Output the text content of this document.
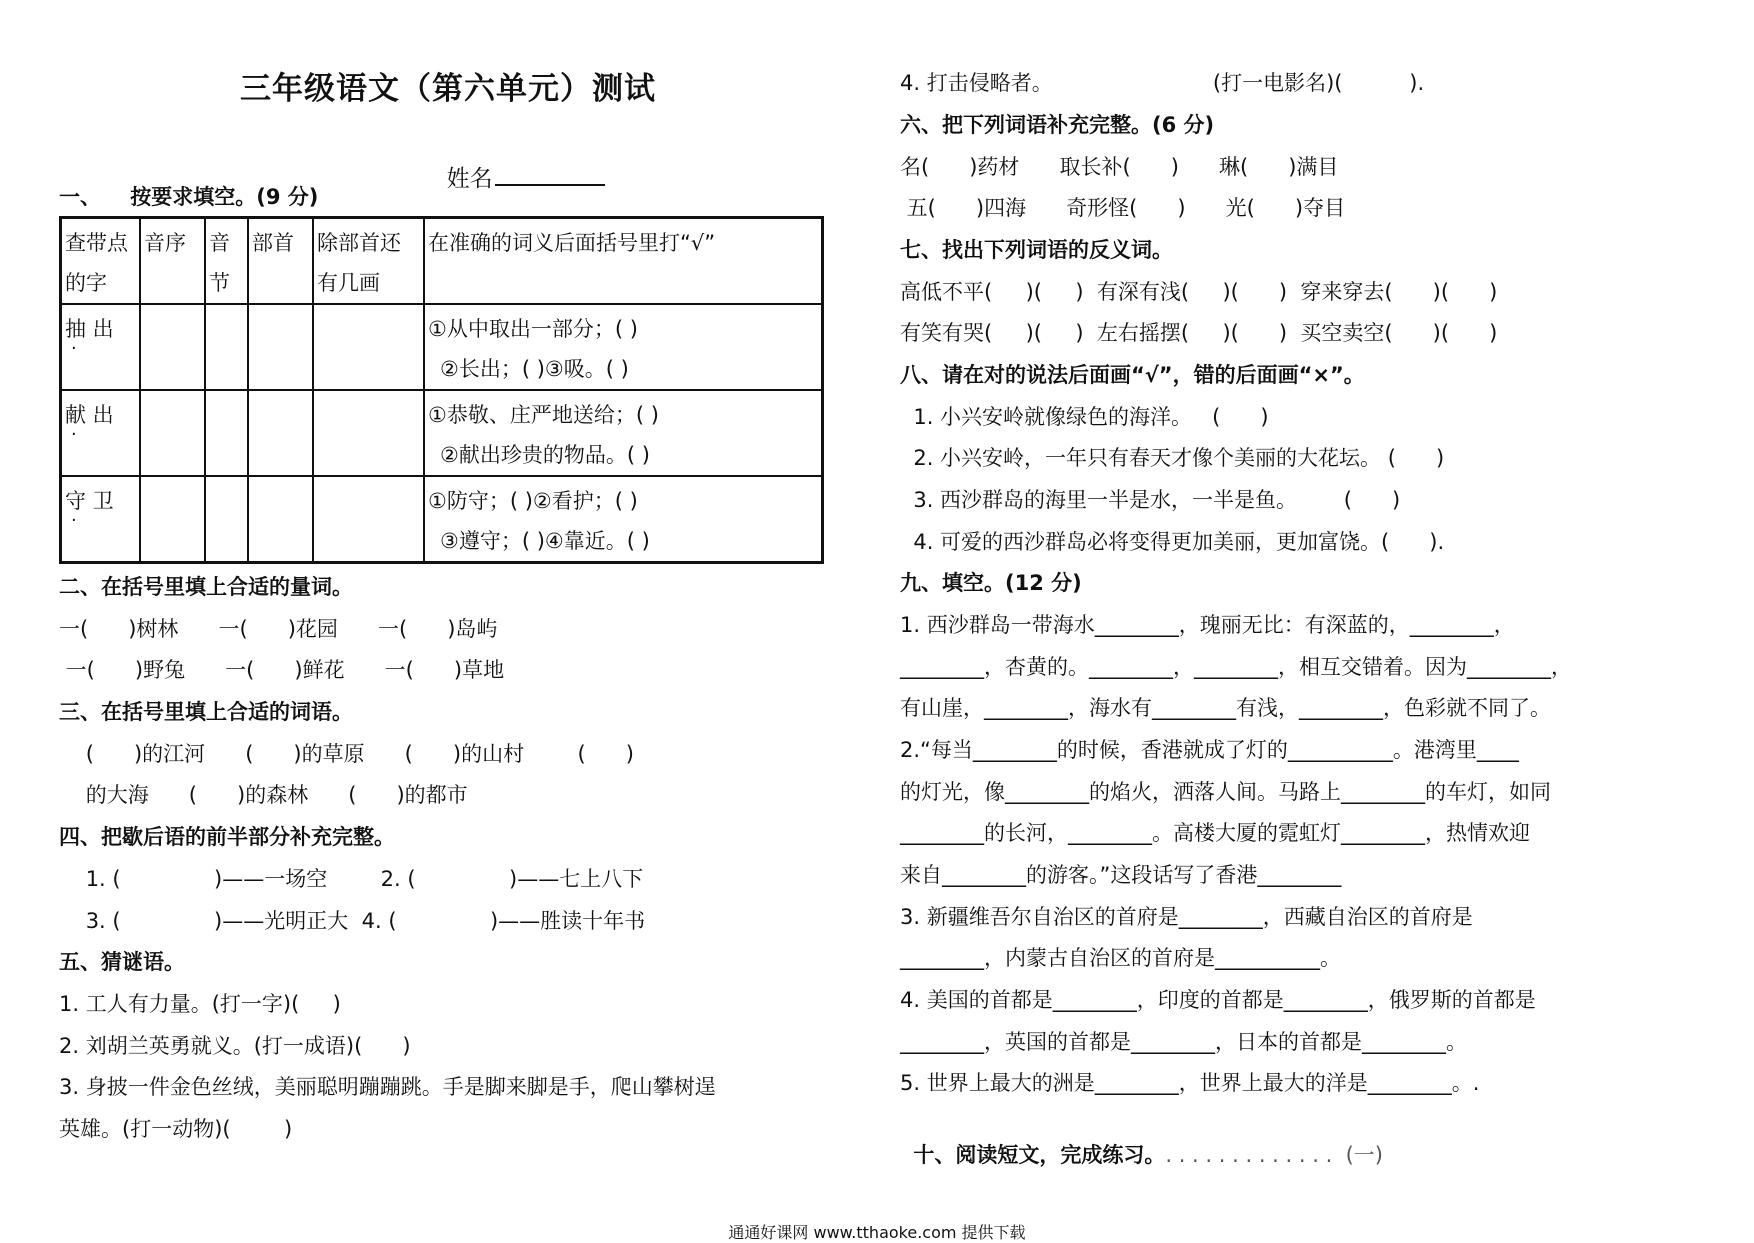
三年级语文（第六单元）测试

姓名

一、    按要求填空。(9 分)
查带点的字	音序	音节	部首	除部首还有几画	在准确的词义后面括号里打“√”
抽 出 ·					①从中取出一部分；( )
②长出；( )③吸。( )

献 出 ·					①恭敬、庄严地送给；( )
②献出珍贵的物品。( )

守 卫 ·					①防守；( )②看护；( )
③遵守；( )④靠近。( )
二、在括号里填上合适的量词。
一(      )树林      一(      )花园      一(      )岛屿
一(      )野兔      一(      )鲜花      一(      )草地
三、在括号里填上合适的词语。
(      )的江河      (      )的草原      (      )的山村        (      )
的大海      (      )的森林      (      )的都市
四、把歇后语的前半部分补充完整。
1. (              )——一场空        2. (              )——七上八下
3. (              )——光明正大  4. (              )——胜读十年书
五、猜谜语。
1. 工人有力量。(打一字)(     )
2. 刘胡兰英勇就义。(打一成语)(      )
3. 身披一件金色丝绒，美丽聪明蹦蹦跳。手是脚来脚是手，爬山攀树逞
英雄。(打一动物)(        )
4. 打击侵略者。                        (打一电影名)(          ).
六、把下列词语补充完整。(6 分)
名(      )药材      取长补(      )      琳(      )满目
五(      )四海      奇形怪(      )      光(      )夺目
七、找出下列词语的反义词。
高低不平(     )(     )  有深有浅(     )(      )  穿来穿去(      )(      )
有笑有哭(     )(     )  左右摇摆(     )(      )  买空卖空(      )(      )
八、请在对的说法后面画“√”，错的后面画“×”。
1. 小兴安岭就像绿色的海洋。   (      )
2. 小兴安岭，一年只有春天才像个美丽的大花坛。 (      )
3. 西沙群岛的海里一半是水，一半是鱼。       (      )
4. 可爱的西沙群岛必将变得更加美丽，更加富饶。(      ).
九、填空。(12 分)
1. 西沙群岛一带海水________，瑰丽无比：有深蓝的，________，
________，杏黄的。________，________，相互交错着。因为________，
有山崖，________，海水有________有浅，________，色彩就不同了。
2.“每当________的时候，香港就成了灯的__________。港湾里____
的灯光，像________的焰火，洒落人间。马路上________的车灯，如同
________的长河，________。高楼大厦的霓虹灯________，热情欢迎
来自________的游客。”这段话写了香港________
3. 新疆维吾尔自治区的首府是________，西藏自治区的首府是
________，内蒙古自治区的首府是__________。
4. 美国的首都是________，印度的首都是________，俄罗斯的首都是
________，英国的首都是________，日本的首都是________。
5. 世界上最大的洲是________，世界上最大的洋是________。.

十、阅读短文，完成练习。. . . . . . . . . . . . .  (一)

通通好课网 www.tthaoke.com 提供下载
